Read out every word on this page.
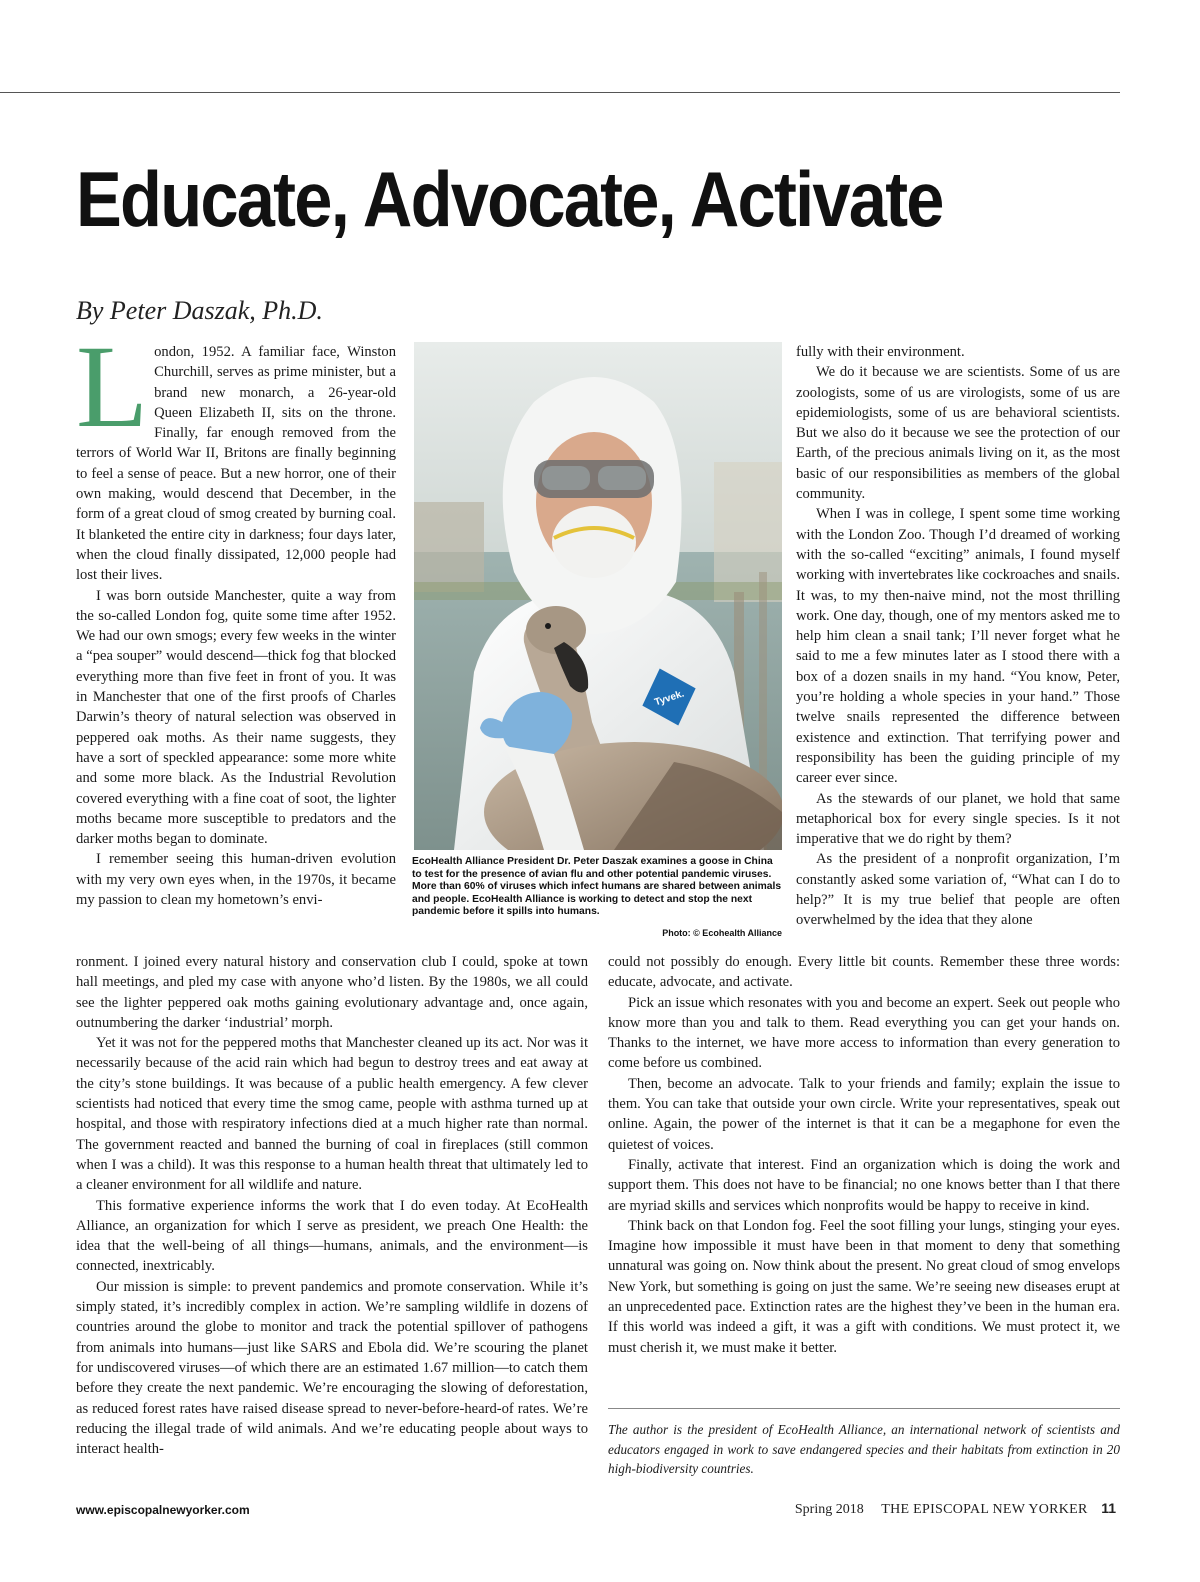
Educate, Advocate, Activate
By Peter Daszak, Ph.D.
L ondon, 1952. A familiar face, Winston Churchill, serves as prime minister, but a brand new monarch, a 26-year-old Queen Elizabeth II, sits on the throne. Finally, far enough removed from the terrors of World War II, Britons are finally beginning to feel a sense of peace. But a new horror, one of their own making, would descend that December, in the form of a great cloud of smog created by burning coal. It blanketed the entire city in darkness; four days later, when the cloud finally dissipated, 12,000 people had lost their lives.

I was born outside Manchester, quite a way from the so-called London fog, quite some time after 1952. We had our own smogs; every few weeks in the winter a “pea souper” would descend—thick fog that blocked everything more than five feet in front of you. It was in Manchester that one of the first proofs of Charles Darwin’s theory of natural selection was observed in peppered oak moths. As their name suggests, they have a sort of speckled appearance: some more white and some more black. As the Industrial Revolution covered everything with a fine coat of soot, the lighter moths became more susceptible to predators and the darker moths began to dominate.

I remember seeing this human-driven evolution with my very own eyes when, in the 1970s, it became my passion to clean my hometown’s envi-

Tyvek.
EcoHealth Alliance President Dr. Peter Daszak examines a goose in China to test for the presence of avian flu and other potential pandemic viruses. More than 60% of viruses which infect humans are shared between animals and people. EcoHealth Alliance is working to detect and stop the next pandemic before it spills into humans.
Photo: © Ecohealth Alliance

fully with their environment.

We do it because we are scientists. Some of us are zoologists, some of us are virologists, some of us are epidemiologists, some of us are behavioral scientists. But we also do it because we see the protection of our Earth, of the precious animals living on it, as the most basic of our responsibilities as members of the global community.

When I was in college, I spent some time working with the London Zoo. Though I’d dreamed of working with the so-called “exciting” animals, I found myself working with invertebrates like cockroaches and snails. It was, to my then-naive mind, not the most thrilling work. One day, though, one of my mentors asked me to help him clean a snail tank; I’ll never forget what he said to me a few minutes later as I stood there with a box of a dozen snails in my hand. “You know, Peter, you’re holding a whole species in your hand.” Those twelve snails represented the difference between existence and extinction. That terrifying power and responsibility has been the guiding principle of my career ever since.

As the stewards of our planet, we hold that same metaphorical box for every single species. Is it not imperative that we do right by them?

As the president of a nonprofit organization, I’m constantly asked some variation of, “What can I do to help?” It is my true belief that people are often overwhelmed by the idea that they alone

ronment. I joined every natural history and conservation club I could, spoke at town hall meetings, and pled my case with anyone who’d listen. By the 1980s, we all could see the lighter peppered oak moths gaining evolutionary advantage and, once again, outnumbering the darker ‘industrial’ morph.

Yet it was not for the peppered moths that Manchester cleaned up its act. Nor was it necessarily because of the acid rain which had begun to destroy trees and eat away at the city’s stone buildings. It was because of a public health emergency. A few clever scientists had noticed that every time the smog came, people with asthma turned up at hospital, and those with respiratory infections died at a much higher rate than normal. The government reacted and banned the burning of coal in fireplaces (still common when I was a child). It was this response to a human health threat that ultimately led to a cleaner environment for all wildlife and nature.

This formative experience informs the work that I do even today. At EcoHealth Alliance, an organization for which I serve as president, we preach One Health: the idea that the well-being of all things—humans, animals, and the environment—is connected, inextricably.

Our mission is simple: to prevent pandemics and promote conservation. While it’s simply stated, it’s incredibly complex in action. We’re sampling wildlife in dozens of countries around the globe to monitor and track the potential spillover of pathogens from animals into humans—just like SARS and Ebola did. We’re scouring the planet for undiscovered viruses—of which there are an estimated 1.67 million—to catch them before they create the next pandemic. We’re encouraging the slowing of deforestation, as reduced forest rates have raised disease spread to never-before-heard-of rates. We’re reducing the illegal trade of wild animals. And we’re educating people about ways to interact health-

could not possibly do enough. Every little bit counts. Remember these three words: educate, advocate, and activate.

Pick an issue which resonates with you and become an expert. Seek out people who know more than you and talk to them. Read everything you can get your hands on. Thanks to the internet, we have more access to information than every generation to come before us combined.

Then, become an advocate. Talk to your friends and family; explain the issue to them. You can take that outside your own circle. Write your representatives, speak out online. Again, the power of the internet is that it can be a megaphone for even the quietest of voices.

Finally, activate that interest. Find an organization which is doing the work and support them. This does not have to be financial; no one knows better than I that there are myriad skills and services which nonprofits would be happy to receive in kind.

Think back on that London fog. Feel the soot filling your lungs, stinging your eyes. Imagine how impossible it must have been in that moment to deny that something unnatural was going on. Now think about the present. No great cloud of smog envelops New York, but something is going on just the same. We’re seeing new diseases erupt at an unprecedented pace. Extinction rates are the highest they’ve been in the human era. If this world was indeed a gift, it was a gift with conditions. We must protect it, we must cherish it, we must make it better.

The author is the president of EcoHealth Alliance, an international network of scientists and educators engaged in work to save endangered species and their habitats from extinction in 20 high-biodiversity countries.
www.episcopalnewyorker.com	Spring 2018 THE EPISCOPAL NEW YORKER 11
